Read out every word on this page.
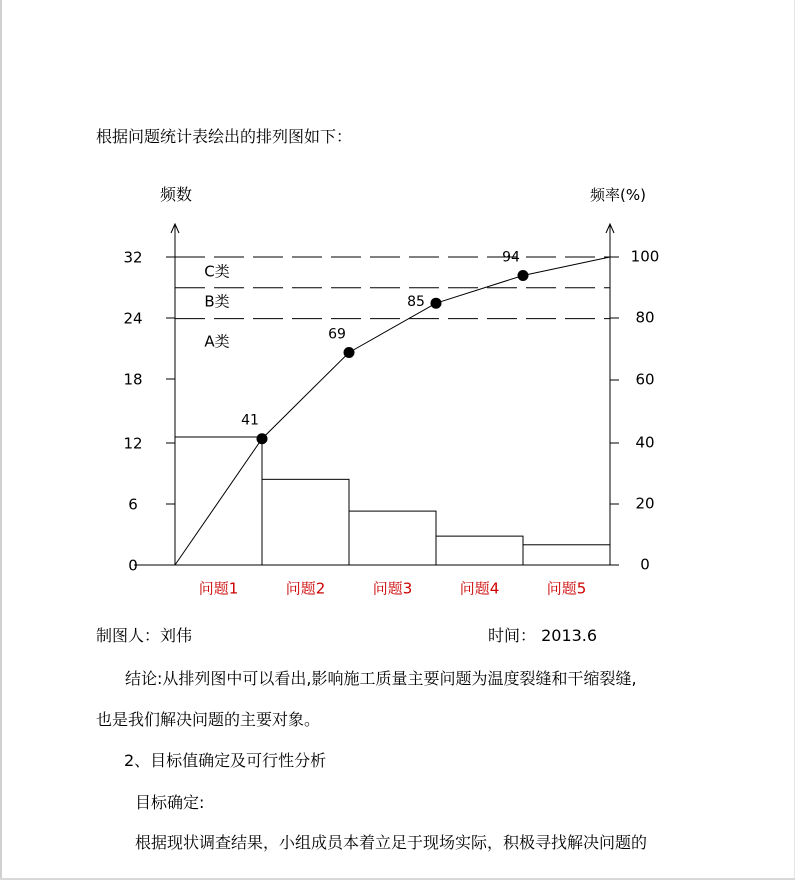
根据问题统计表绘出的排列图如下：
频数	频率(%)
0
6
12
18
24
32
0
20
40
60
80
100
C类
B类
A类
问题1	问题2	问题3	问题4	问题5
41
69
85
94
制图人：刘伟	时间： 2013.6
结论:从排列图中可以看出,影响施工质量主要问题为温度裂缝和干缩裂缝,
也是我们解决问题的主要对象。
2、目标值确定及可行性分析
目标确定:
根据现状调查结果，小组成员本着立足于现场实际，积极寻找解决问题的
